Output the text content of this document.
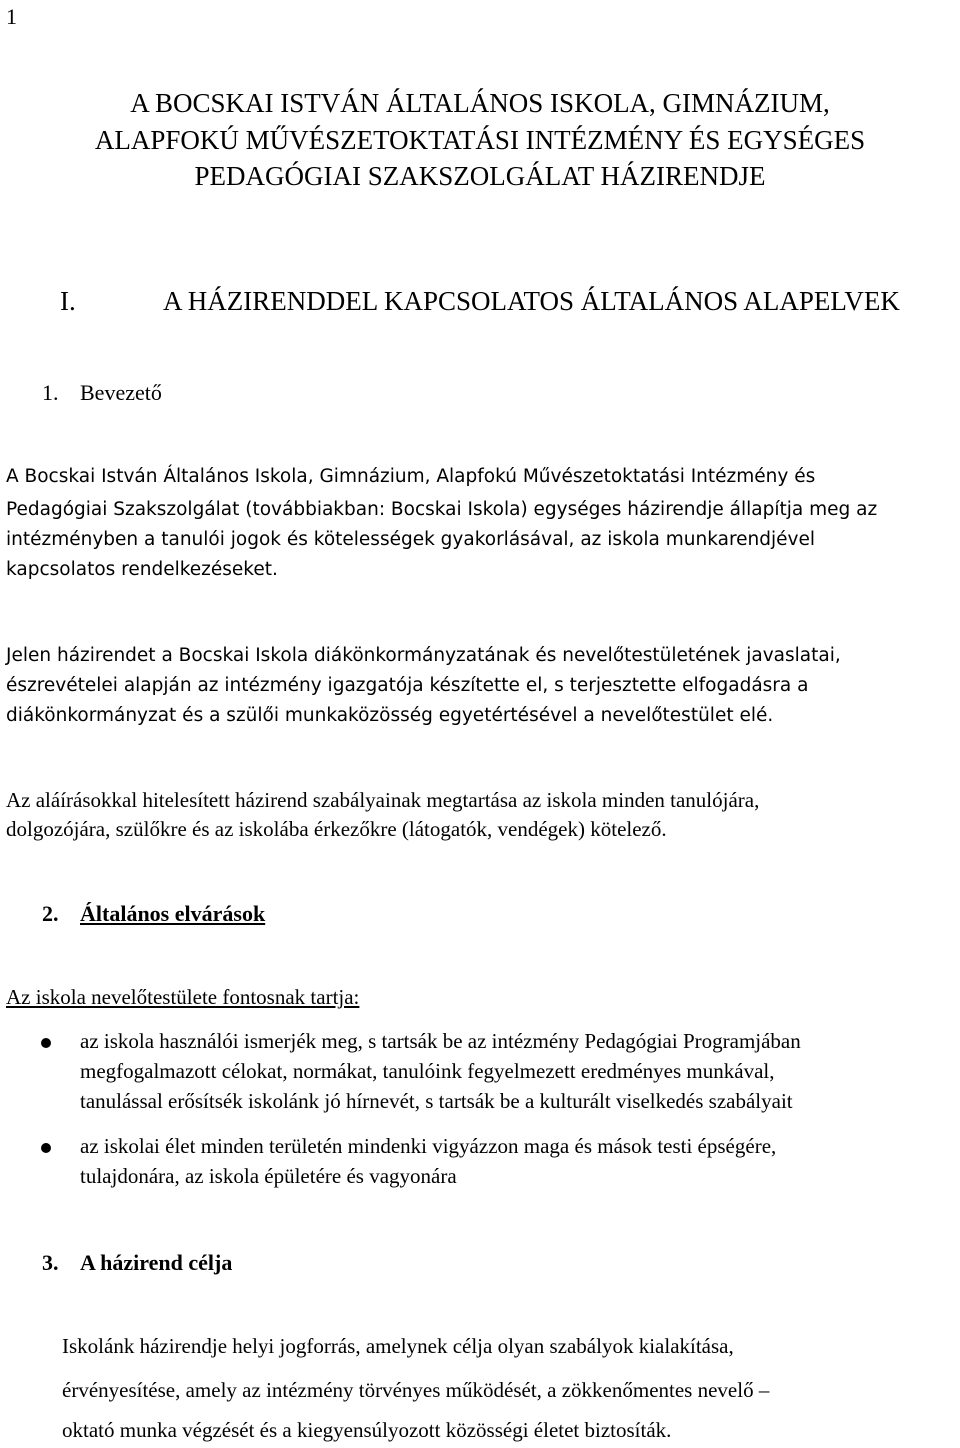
1
A BOCSKAI ISTVÁN ÁLTALÁNOS ISKOLA, GIMNÁZIUM,
ALAPFOKÚ MŰVÉSZETOKTATÁSI INTÉZMÉNY ÉS EGYSÉGES
PEDAGÓGIAI SZAKSZOLGÁLAT HÁZIRENDJE
I.	A HÁZIRENDDEL KAPCSOLATOS ÁLTALÁNOS ALAPELVEK
1. Bevezető
A Bocskai István Általános Iskola, Gimnázium, Alapfokú Művészetoktatási Intézmény és
Pedagógiai Szakszolgálat (továbbiakban: Bocskai Iskola) egységes házirendje állapítja meg az
intézményben a tanulói jogok és kötelességek gyakorlásával, az iskola munkarendjével
kapcsolatos rendelkezéseket.
Jelen házirendet a Bocskai Iskola diákönkormányzatának és nevelőtestületének javaslatai,
észrevételei alapján az intézmény igazgatója készítette el, s terjesztette elfogadásra a
diákönkormányzat és a szülői munkaközösség egyetértésével a nevelőtestület elé.
Az aláírásokkal hitelesített házirend szabályainak megtartása az iskola minden tanulójára,
dolgozójára, szülőkre és az iskolába érkezőkre (látogatók, vendégek) kötelező.
2. Általános elvárások
Az iskola nevelőtestülete fontosnak tartja:
az iskola használói ismerjék meg, s tartsák be az intézmény Pedagógiai Programjában
megfogalmazott célokat, normákat, tanulóink fegyelmezett eredményes munkával,
tanulással erősítsék iskolánk jó hírnevét, s tartsák be a kulturált viselkedés szabályait
az iskolai élet minden területén mindenki vigyázzon maga és mások testi épségére,
tulajdonára, az iskola épületére és vagyonára
3. A házirend célja
Iskolánk házirendje helyi jogforrás, amelynek célja olyan szabályok kialakítása,
érvényesítése, amely az intézmény törvényes működését, a zökkenőmentes nevelő –
oktató munka végzését és a kiegyensúlyozott közösségi életet biztosíták.
